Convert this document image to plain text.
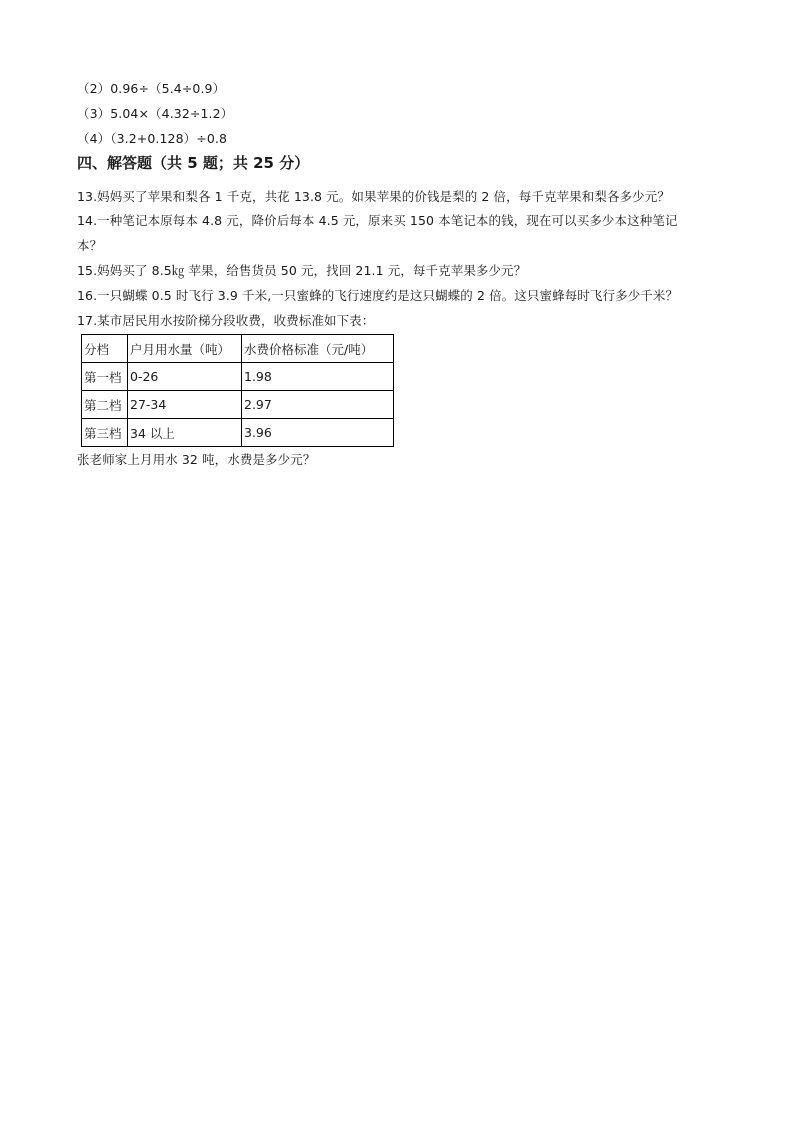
（2）0.96÷（5.4÷0.9）
（3）5.04×（4.32÷1.2）
（4）（3.2+0.128）÷0.8
四、解答题（共 5 题；共 25 分）
13.妈妈买了苹果和梨各 1 千克，共花 13.8 元。如果苹果的价钱是梨的 2 倍，每千克苹果和梨各多少元？
14.一种笔记本原每本 4.8 元，降价后每本 4.5 元，原来买 150 本笔记本的钱，现在可以买多少本这种笔记
本？
15.妈妈买了 8.5㎏ 苹果，给售货员 50 元，找回 21.1 元，每千克苹果多少元？
16.一只蝴蝶 0.5 时飞行 3.9 千米,一只蜜蜂的飞行速度约是这只蝴蝶的 2 倍。这只蜜蜂每时飞行多少千米？
17.某市居民用水按阶梯分段收费，收费标准如下表：
分档	户月用水量（吨）	水费价格标准（元/吨）
第一档	0-26	1.98
第二档	27-34	2.97
第三档	34 以上	3.96
张老师家上月用水 32 吨，水费是多少元？
